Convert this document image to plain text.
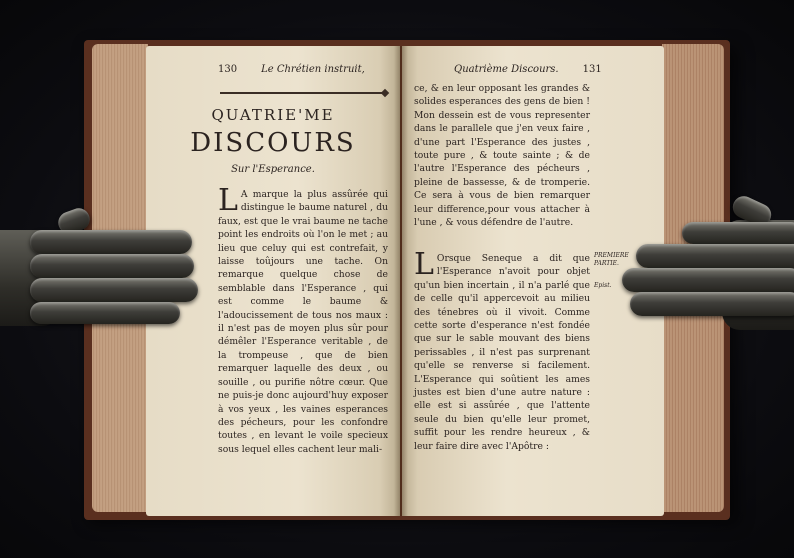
130 Le Chrétien instruit,
QUATRIE'ME
DISCOURS
Sur l'Esperance.

L A marque la plus assûrée qui distingue le baume naturel , du faux, est que le vrai baume ne tache point les endroits où l'on le met ; au lieu que celuy qui est contrefait, y laisse toûjours une tache. On remarque quelque chose de semblable dans l'Esperance , qui est comme le baume & l'adoucissement de tous nos maux : il n'est pas de moyen plus sûr pour démêler l'Esperance veritable , de la trompeuse , que de bien remarquer laquelle des deux , ou souille , ou purifie nôtre cœur. Que ne puis-je donc aujourd'huy exposer à vos yeux , les vaines esperances des pécheurs, pour les confondre toutes , en levant le voile specieux sous lequel elles cachent leur mali-

Quatrième Discours. 131

ce, & en leur opposant les grandes & solides esperances des gens de bien ! Mon dessein est de vous representer dans le parallele que j'en veux faire , d'une part l'Esperance des justes , toute pure , & toute sainte ; & de l'autre l'Esperance des pécheurs , pleine de bassesse, & de tromperie. Ce sera à vous de bien remarquer leur difference,pour vous attacher à l'une , & vous défendre de l'autre.

L Orsque Seneque a dit que l'Esperance n'avoit pour objet qu'un bien incertain , il n'a parlé que de celle qu'il appercevoit au milieu des ténebres où il vivoit. Comme cette sorte d'esperance n'est fondée que sur le sable mouvant des biens perissables , il n'est pas surprenant qu'elle se renverse si facilement. L'Esperance qui soûtient les ames justes est bien d'une autre nature : elle est si assûrée , que l'attente seule du bien qu'elle leur promet, suffit pour les rendre heureux , & leur faire dire avec l'Apôtre :

PREMIERE PARTIE.
Epist.
